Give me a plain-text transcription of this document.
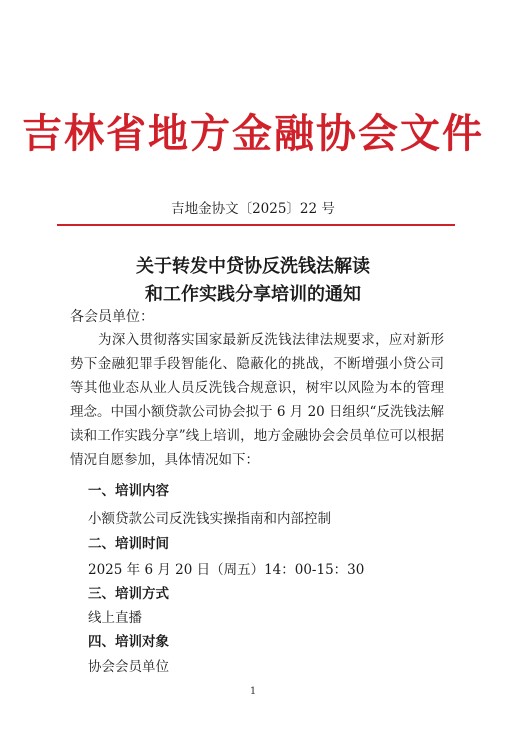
吉林省地方金融协会文件
吉地金协文〔2025〕22 号
关于转发中贷协反洗钱法解读
和工作实践分享培训的通知
各会员单位：
为深入贯彻落实国家最新反洗钱法律法规要求，应对新形势下金融犯罪手段智能化、隐蔽化的挑战，不断增强小贷公司等其他业态从业人员反洗钱合规意识，树牢以风险为本的管理理念。中国小额贷款公司协会拟于 6 月 20 日组织“反洗钱法解读和工作实践分享”线上培训，地方金融协会会员单位可以根据情况自愿参加，具体情况如下：
一、培训内容
小额贷款公司反洗钱实操指南和内部控制
二、培训时间
2025 年 6 月 20 日（周五）14：00-15：30
三、培训方式
线上直播
四、培训对象
协会会员单位
1
